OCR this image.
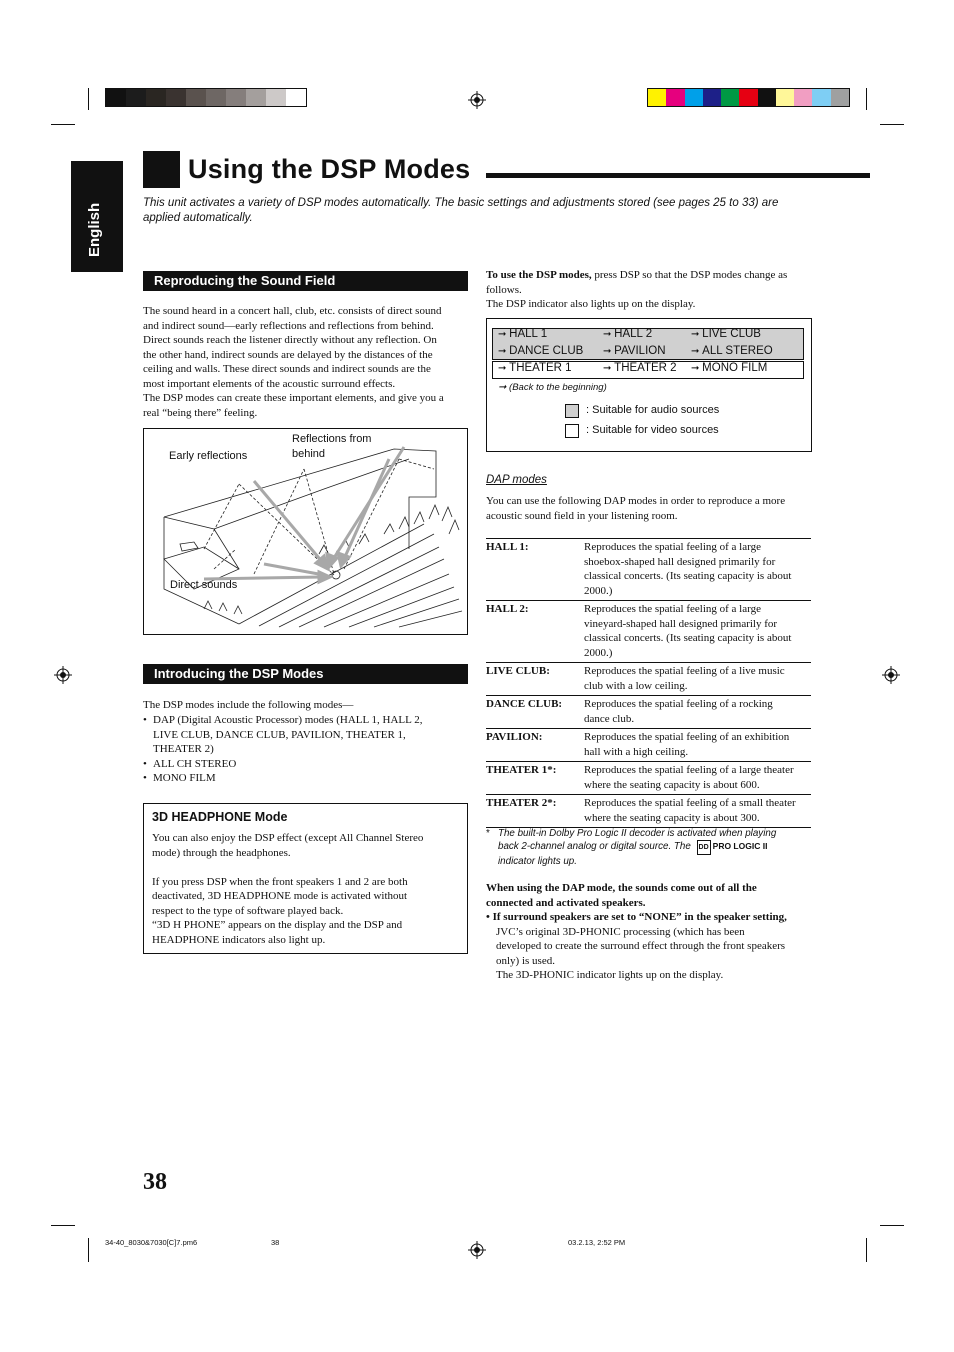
English
Using the DSP Modes
This unit activates a variety of DSP modes automatically. The basic settings and adjustments stored (see pages 25 to 33) are applied automatically.
Reproducing the Sound Field
The sound heard in a concert hall, club, etc. consists of direct sound
and indirect sound—early reflections and reflections from behind.
Direct sounds reach the listener directly without any reflection. On
the other hand, indirect sounds are delayed by the distances of the
ceiling and walls. These direct sounds and indirect sounds are the
most important elements of the acoustic surround effects.
The DSP modes can create these important elements, and give you a
real “being there” feeling.
Early reflections
Reflections from
behind
Direct sounds
Introducing the DSP Modes
The DSP modes include the following modes—
• DAP (Digital Acoustic Processor) modes (HALL 1, HALL 2,
LIVE CLUB, DANCE CLUB, PAVILION, THEATER 1,
THEATER 2)
• ALL CH STEREO
• MONO FILM
3D HEADPHONE Mode
You can also enjoy the DSP effect (except All Channel Stereo
mode) through the headphones.
If you press DSP when the front speakers 1 and 2 are both
deactivated, 3D HEADPHONE mode is activated without
respect to the type of software played back.
“3D H PHONE” appears on the display and the DSP and
HEADPHONE indicators also light up.
38
To use the DSP modes, press DSP so that the DSP modes change as
follows.
The DSP indicator also lights up on the display.
➞ HALL 1	➞ HALL 2	➞ LIVE CLUB
➞ DANCE CLUB ➞ PAVILION	➞ ALL STEREO
➞ THEATER 1	➞ THEATER 2 ➞ MONO FILM
➞ (Back to the beginning)
: Suitable for audio sources
: Suitable for video sources
DAP modes
You can use the following DAP modes in order to reproduce a more
acoustic sound field in your listening room.
HALL 1:	Reproduces the spatial feeling of a large
shoebox-shaped hall designed primarily for
classical concerts. (Its seating capacity is about
2000.)

HALL 2:	Reproduces the spatial feeling of a large
vineyard-shaped hall designed primarily for
classical concerts. (Its seating capacity is about
2000.)

LIVE CLUB:	Reproduces the spatial feeling of a live music
club with a low ceiling.

DANCE CLUB:	Reproduces the spatial feeling of a rocking
dance club.

PAVILION:	Reproduces the spatial feeling of an exhibition
hall with a high ceiling.

THEATER 1*:	Reproduces the spatial feeling of a large theater
where the seating capacity is about 600.

THEATER 2*:	Reproduces the spatial feeling of a small theater
where the seating capacity is about 300.
* The built-in Dolby Pro Logic II decoder is activated when playing
back 2-channel analog or digital source. The DD PRO LOGIC II
indicator lights up.
When using the DAP mode, the sounds come out of all the
connected and activated speakers.
• If surround speakers are set to “NONE” in the speaker setting,
JVC’s original 3D-PHONIC processing (which has been
developed to create the surround effect through the front speakers
only) is used.
The 3D-PHONIC indicator lights up on the display.
34-40_8030&7030[C]7.pm6	38	03.2.13, 2:52 PM
